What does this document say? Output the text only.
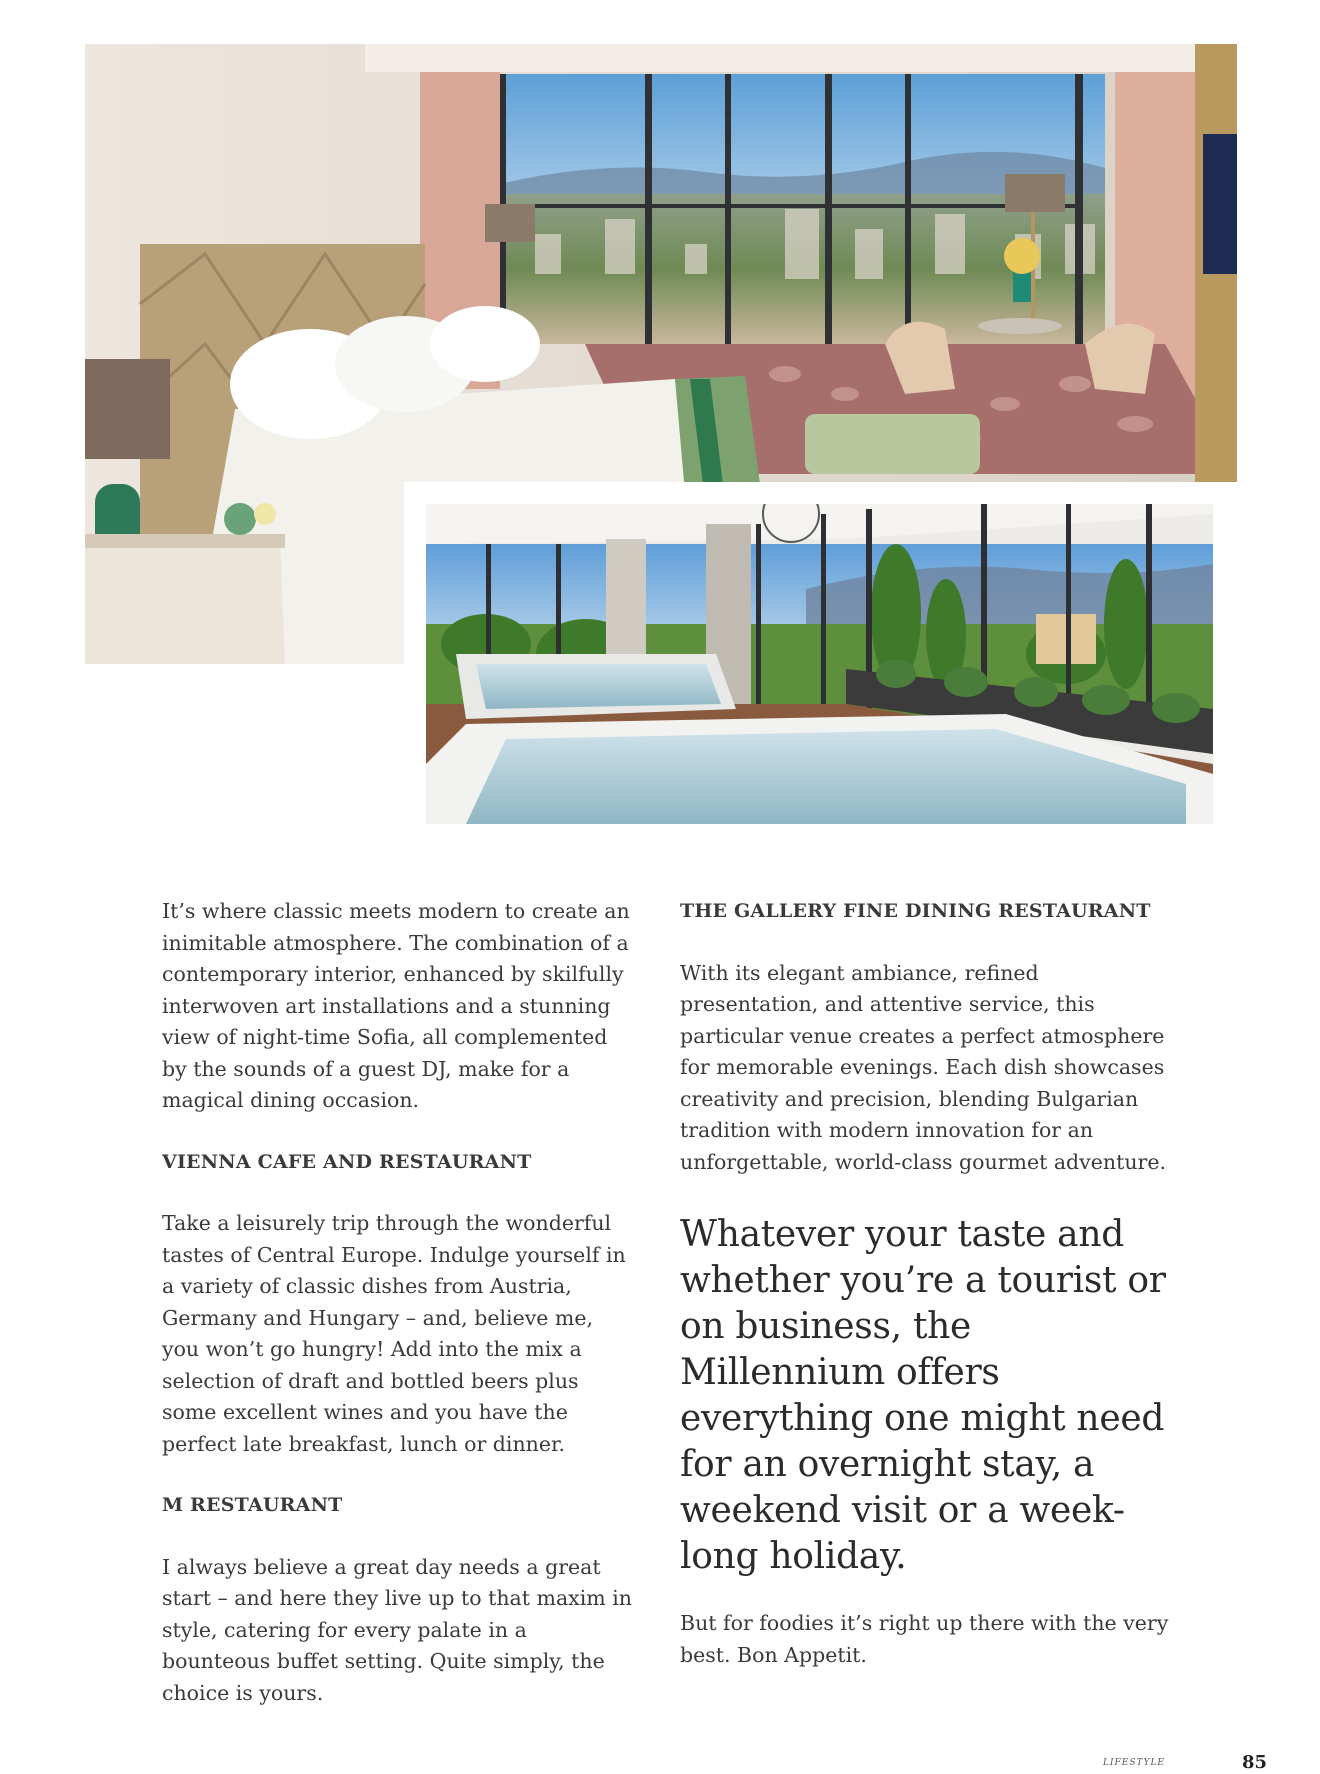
It’s where classic meets modern to create an inimitable atmosphere. The combination of a contemporary interior, enhanced by skilfully interwoven art installations and a stunning view of night-time Sofia, all complemented by the sounds of a guest DJ, make for a magical dining occasion.

VIENNA CAFE AND RESTAURANT

Take a leisurely trip through the wonderful tastes of Central Europe. Indulge yourself in a variety of classic dishes from Austria, Germany and Hungary – and, believe me, you won’t go hungry! Add into the mix a selection of draft and bottled beers plus some excellent wines and you have the perfect late breakfast, lunch or dinner.

M RESTAURANT

I always believe a great day needs a great start – and here they live up to that maxim in style, catering for every palate in a bounteous buffet setting. Quite simply, the choice is yours.

THE GALLERY FINE DINING RESTAURANT

With its elegant ambiance, refined presentation, and attentive service, this particular venue creates a perfect atmosphere for memorable evenings. Each dish showcases creativity and precision, blending Bulgarian tradition with modern innovation for an unforgettable, world-class gourmet adventure.

Whatever your taste and whether you’re a tourist or on business, the Millennium offers everything one might need for an overnight stay, a weekend visit or a week-long holiday.

But for foodies it’s right up there with the very best. Bon Appetit.

LIFESTYLE	85
